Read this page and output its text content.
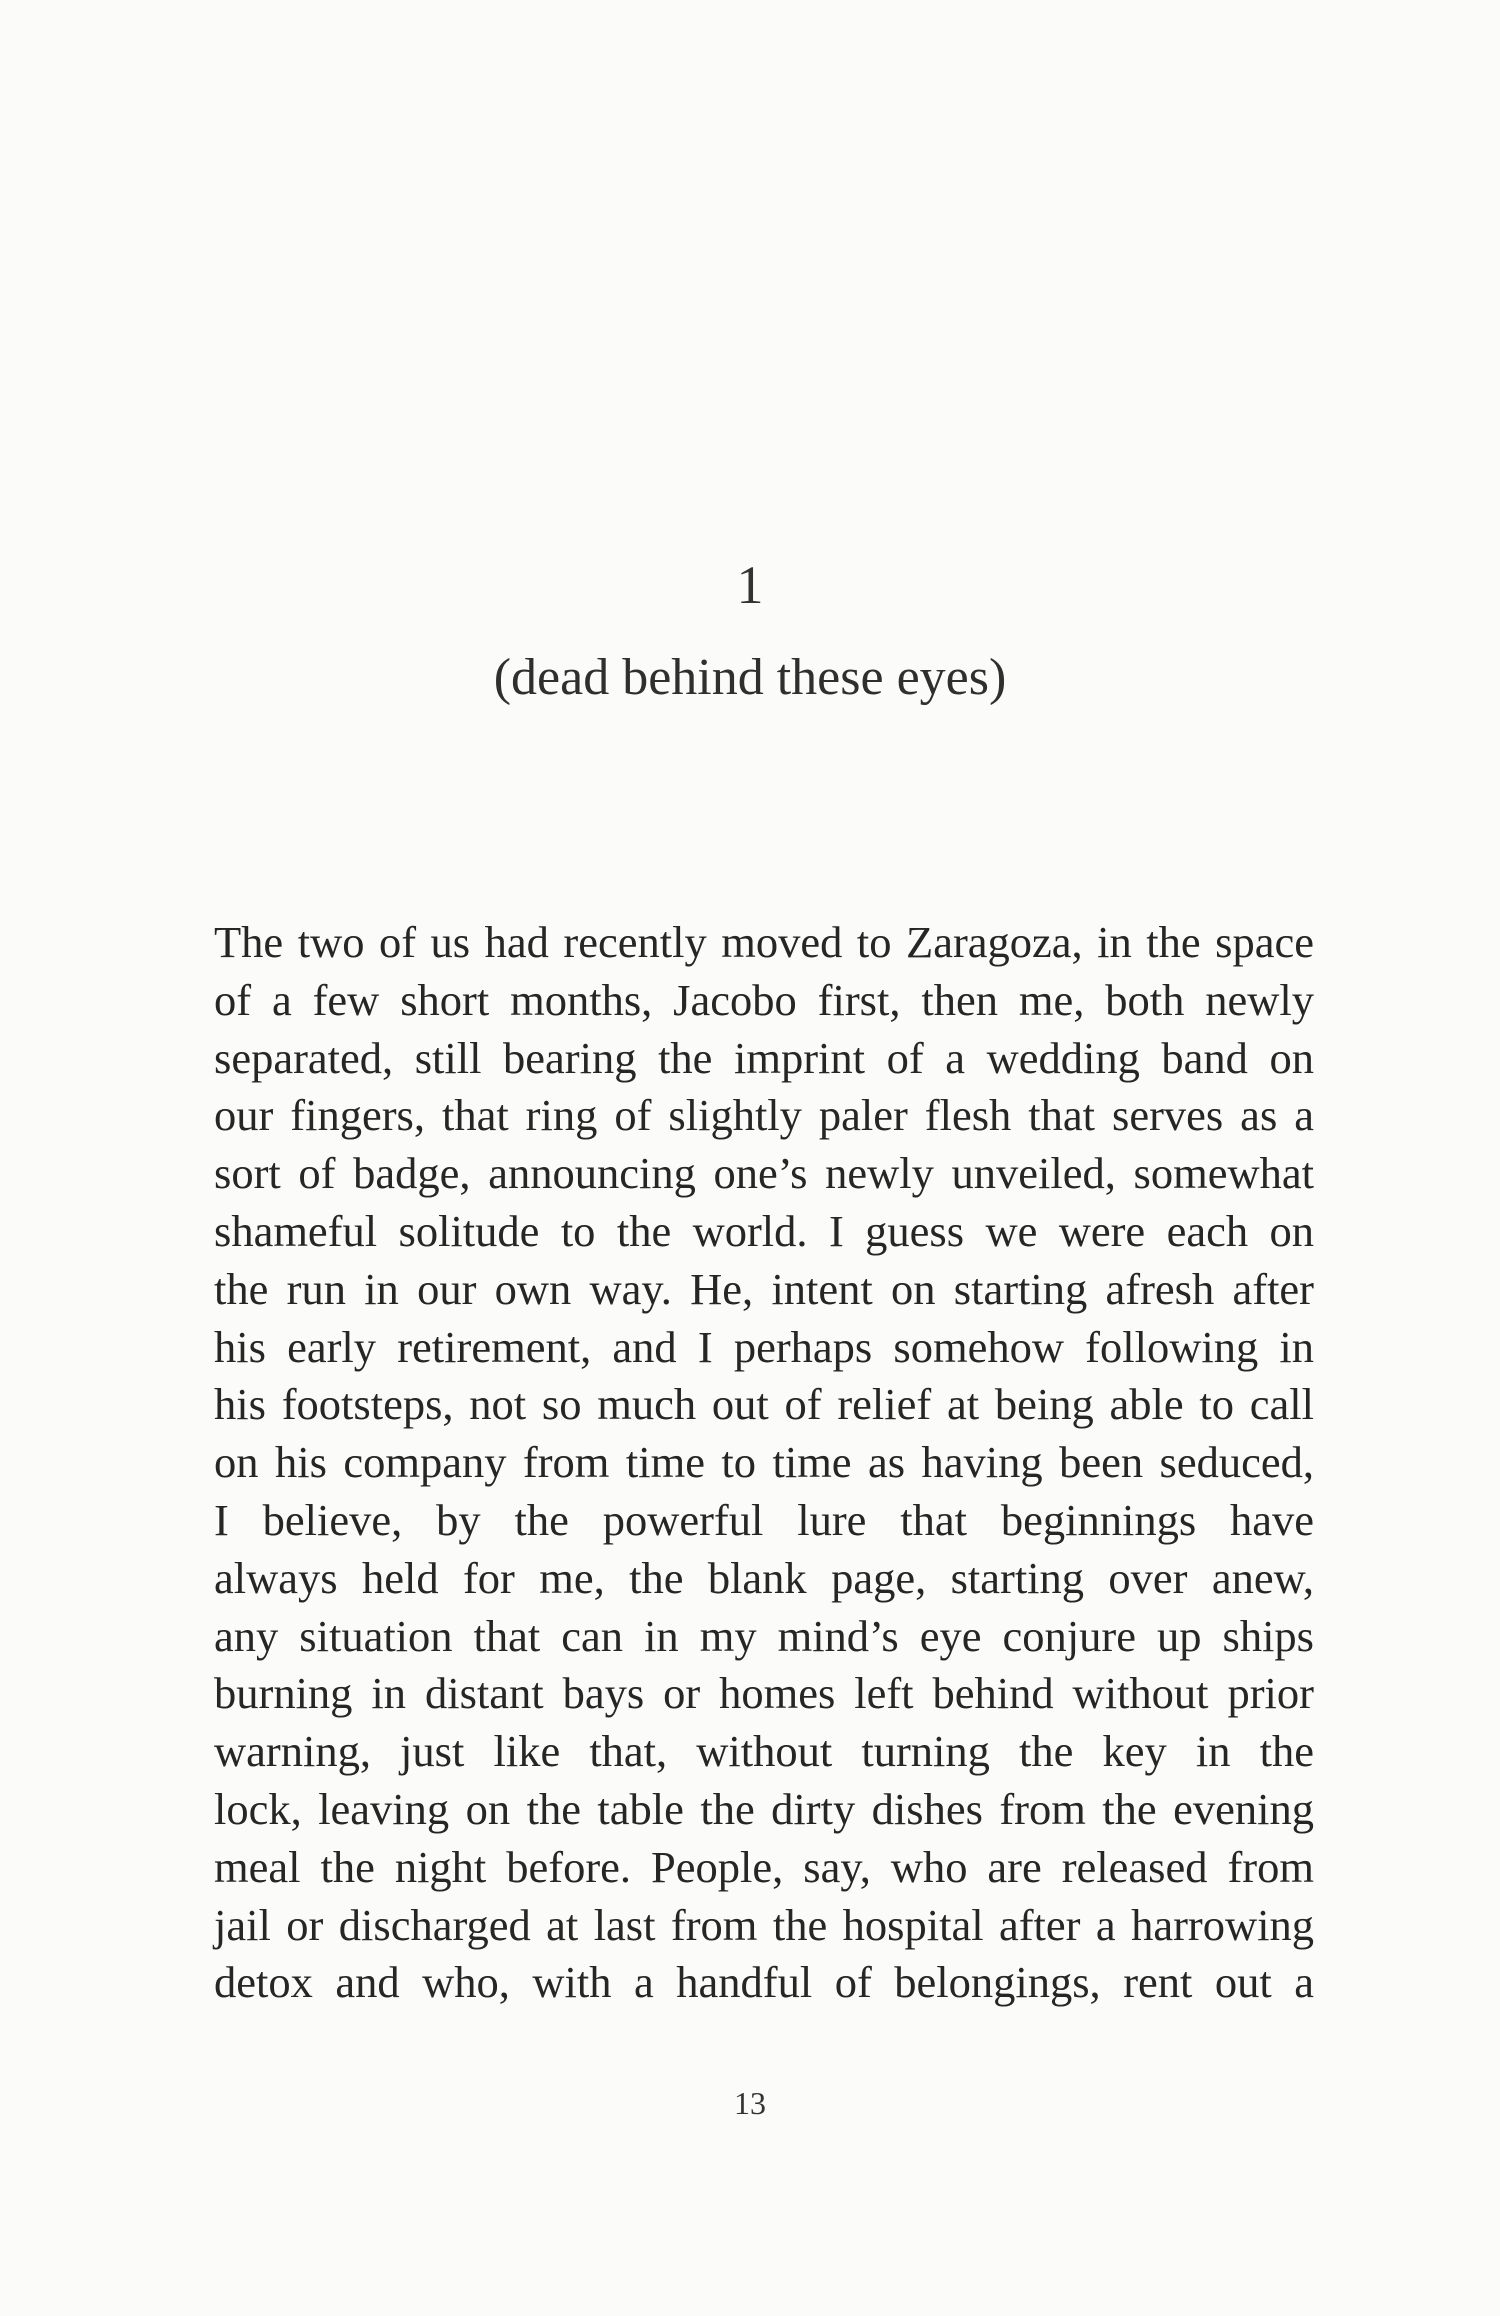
1
(dead behind these eyes)
The two of us had recently moved to Zaragoza, in the space
of a few short months, Jacobo first, then me, both newly
separated, still bearing the imprint of a wedding band on
our fingers, that ring of slightly paler flesh that serves as a
sort of badge, announcing one’s newly unveiled, somewhat
shameful solitude to the world. I guess we were each on
the run in our own way. He, intent on starting afresh after
his early retirement, and I perhaps somehow following in
his footsteps, not so much out of relief at being able to call
on his company from time to time as having been seduced,
I believe, by the powerful lure that beginnings have
always held for me, the blank page, starting over anew,
any situation that can in my mind’s eye conjure up ships
burning in distant bays or homes left behind without prior
warning, just like that, without turning the key in the
lock, leaving on the table the dirty dishes from the evening
meal the night before. People, say, who are released from
jail or discharged at last from the hospital after a harrowing
detox and who, with a handful of belongings, rent out a
13
